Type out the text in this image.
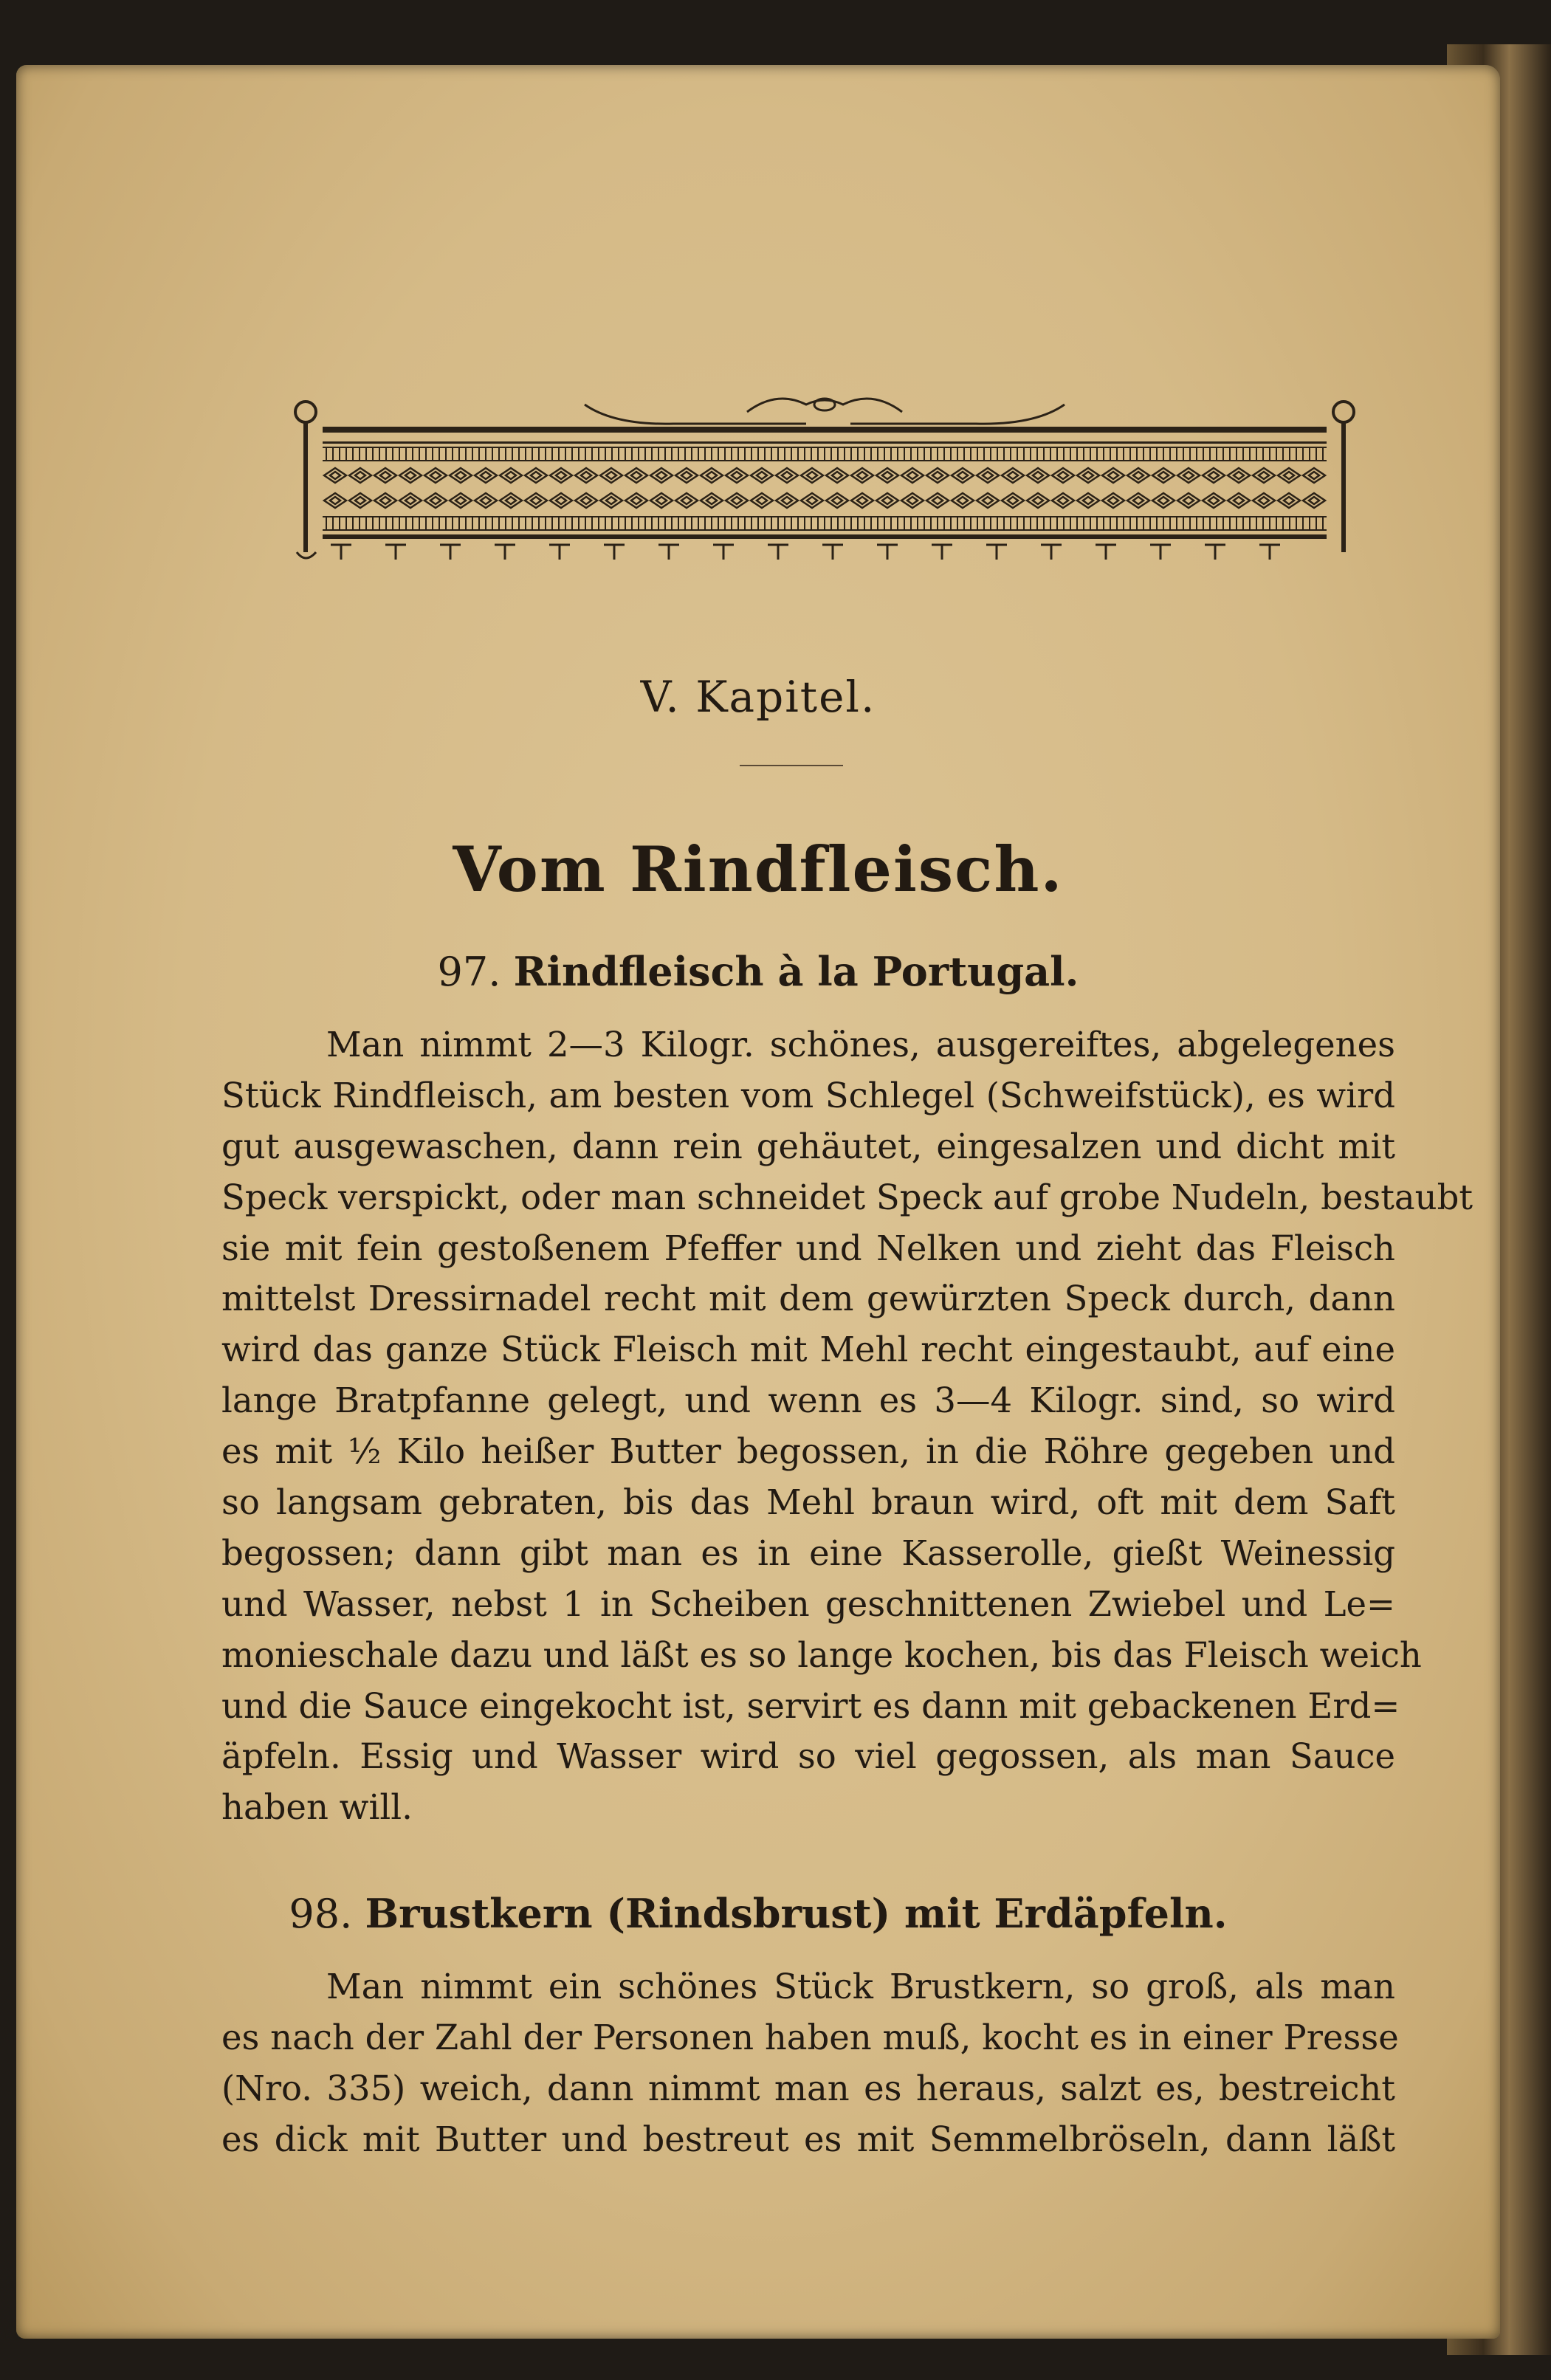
V. Kapitel.
Vom Rindfleisch.
97. Rindfleisch à la Portugal.
Man nimmt 2—3 Kilogr. schönes, ausgereiftes, abgelegenes
Stück Rindfleisch, am besten vom Schlegel (Schweifstück), es wird
gut ausgewaschen, dann rein gehäutet, eingesalzen und dicht mit
Speck verspickt, oder man schneidet Speck auf grobe Nudeln, bestaubt
sie mit fein gestoßenem Pfeffer und Nelken und zieht das Fleisch
mittelst Dressirnadel recht mit dem gewürzten Speck durch, dann
wird das ganze Stück Fleisch mit Mehl recht eingestaubt, auf eine
lange Bratpfanne gelegt, und wenn es 3—4 Kilogr. sind, so wird
es mit ½ Kilo heißer Butter begossen, in die Röhre gegeben und
so langsam gebraten, bis das Mehl braun wird, oft mit dem Saft
begossen; dann gibt man es in eine Kasserolle, gießt Weinessig
und Wasser, nebst 1 in Scheiben geschnittenen Zwiebel und Le=
monieschale dazu und läßt es so lange kochen, bis das Fleisch weich
und die Sauce eingekocht ist, servirt es dann mit gebackenen Erd=
äpfeln. Essig und Wasser wird so viel gegossen, als man Sauce
haben will.
98. Brustkern (Rindsbrust) mit Erdäpfeln.
Man nimmt ein schönes Stück Brustkern, so groß, als man
es nach der Zahl der Personen haben muß, kocht es in einer Presse
(Nro. 335) weich, dann nimmt man es heraus, salzt es, bestreicht
es dick mit Butter und bestreut es mit Semmelbröseln, dann läßt
